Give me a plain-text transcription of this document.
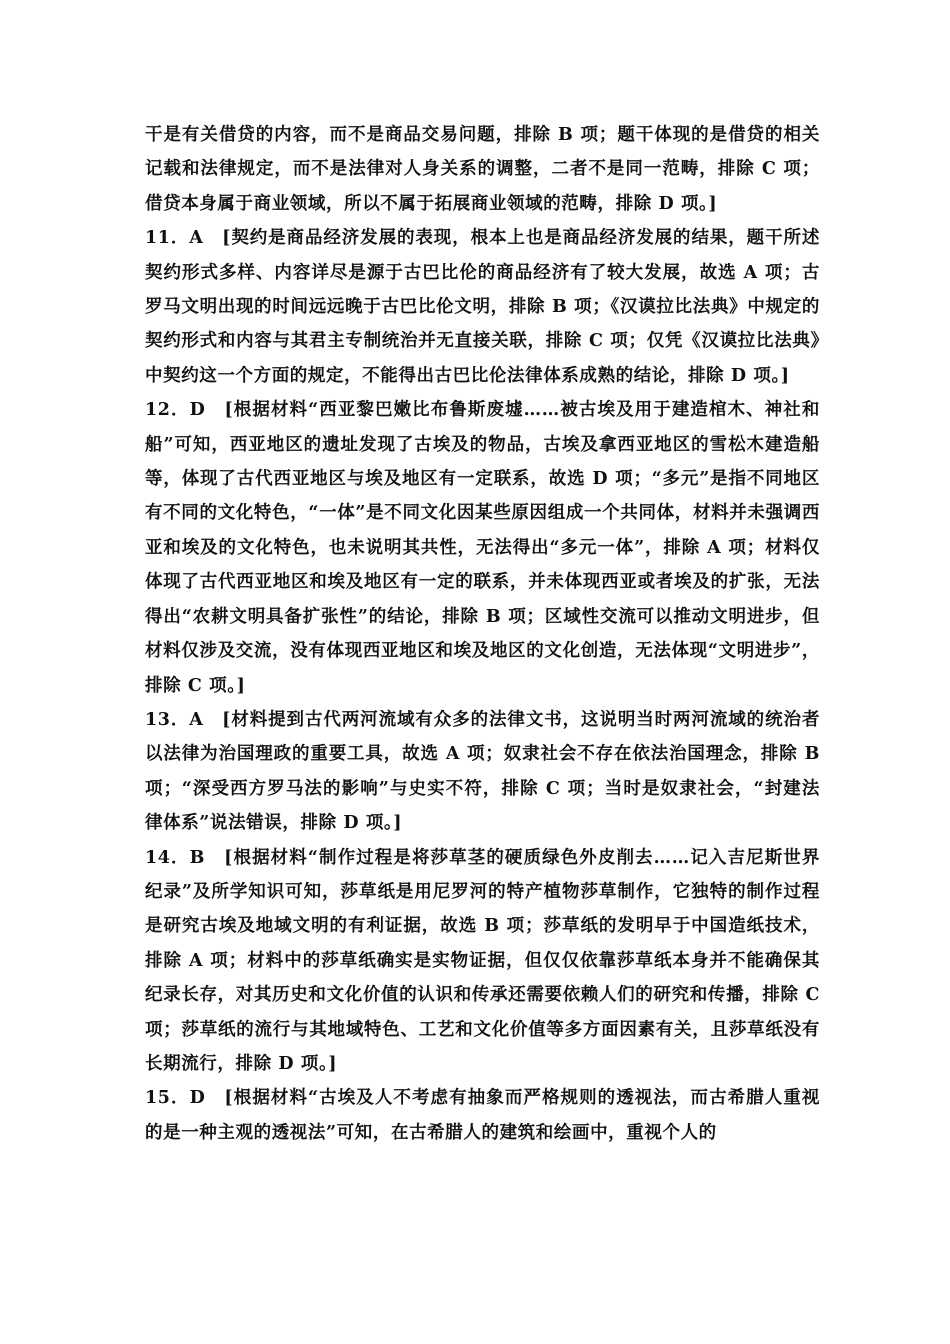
干是有关借贷的内容，而不是商品交易问题，排除 B 项；题干体现的是借贷的相关记载和法律规定，而不是法律对人身关系的调整，二者不是同一范畴，排除 C 项；借贷本身属于商业领域，所以不属于拓展商业领域的范畴，排除 D 项。]

11．A　[契约是商品经济发展的表现，根本上也是商品经济发展的结果，题干所述契约形式多样、内容详尽是源于古巴比伦的商品经济有了较大发展，故选 A 项；古罗马文明出现的时间远远晚于古巴比伦文明，排除 B 项；《汉谟拉比法典》中规定的契约形式和内容与其君主专制统治并无直接关联，排除 C 项；仅凭《汉谟拉比法典》中契约这一个方面的规定，不能得出古巴比伦法律体系成熟的结论，排除 D 项。]

12．D　[根据材料“西亚黎巴嫩比布鲁斯废墟……被古埃及用于建造棺木、神社和船”可知，西亚地区的遗址发现了古埃及的物品，古埃及拿西亚地区的雪松木建造船等，体现了古代西亚地区与埃及地区有一定联系，故选 D 项；“多元”是指不同地区有不同的文化特色，“一体”是不同文化因某些原因组成一个共同体，材料并未强调西亚和埃及的文化特色，也未说明其共性，无法得出“多元一体”，排除 A 项；材料仅体现了古代西亚地区和埃及地区有一定的联系，并未体现西亚或者埃及的扩张，无法得出“农耕文明具备扩张性”的结论，排除 B 项；区域性交流可以推动文明进步，但材料仅涉及交流，没有体现西亚地区和埃及地区的文化创造，无法体现“文明进步”，排除 C 项。]

13．A　[材料提到古代两河流域有众多的法律文书，这说明当时两河流域的统治者以法律为治国理政的重要工具，故选 A 项；奴隶社会不存在依法治国理念，排除 B 项；“深受西方罗马法的影响”与史实不符，排除 C 项；当时是奴隶社会，“封建法律体系”说法错误，排除 D 项。]

14．B　[根据材料“制作过程是将莎草茎的硬质绿色外皮削去……记入吉尼斯世界纪录”及所学知识可知，莎草纸是用尼罗河的特产植物莎草制作，它独特的制作过程是研究古埃及地域文明的有利证据，故选 B 项；莎草纸的发明早于中国造纸技术，排除 A 项；材料中的莎草纸确实是实物证据，但仅仅依靠莎草纸本身并不能确保其纪录长存，对其历史和文化价值的认识和传承还需要依赖人们的研究和传播，排除 C 项；莎草纸的流行与其地域特色、工艺和文化价值等多方面因素有关，且莎草纸没有长期流行，排除 D 项。]

15．D　[根据材料“古埃及人不考虑有抽象而严格规则的透视法，而古希腊人重视的是一种主观的透视法”可知，在古希腊人的建筑和绘画中，重视个人的
